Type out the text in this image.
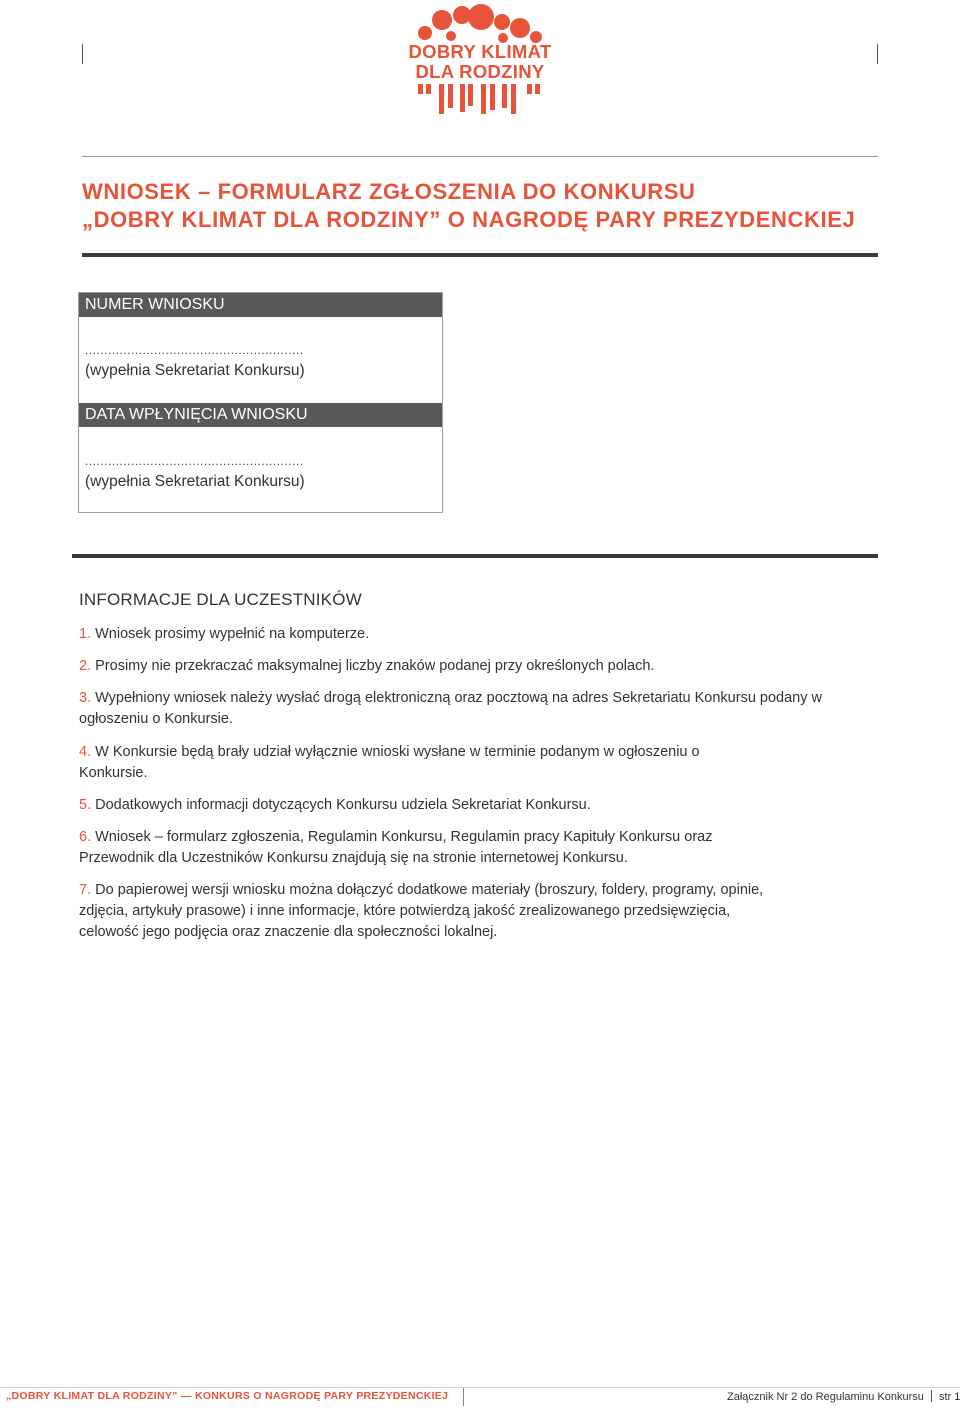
DOBRY KLIMAT
DLA RODZINY
WNIOSEK – FORMULARZ ZGŁOSZENIA DO KONKURSU
„DOBRY KLIMAT DLA RODZINY” O NAGRODĘ PARY PREZYDENCKIEJ
NUMER WNIOSKU
.........................................................
(wypełnia Sekretariat Konkursu)
DATA WPŁYNIĘCIA WNIOSKU
.........................................................
(wypełnia Sekretariat Konkursu)
INFORMACJE DLA UCZESTNIKÓW
1. Wniosek prosimy wypełnić na komputerze.
2. Prosimy nie przekraczać maksymalnej liczby znaków podanej przy określonych polach.
3. Wypełniony wniosek należy wysłać drogą elektroniczną oraz pocztową na adres Sekretariatu Konkursu podany w ogłoszeniu o Konkursie.
4. W Konkursie będą brały udział wyłącznie wnioski wysłane w terminie podanym w ogłoszeniu o Konkursie.
5. Dodatkowych informacji dotyczących Konkursu udziela Sekretariat Konkursu.
6. Wniosek – formularz zgłoszenia, Regulamin Konkursu, Regulamin pracy Kapituły Konkursu oraz Przewodnik dla Uczestników Konkursu znajdują się na stronie internetowej Konkursu.
7. Do papierowej wersji wniosku można dołączyć dodatkowe materiały (broszury, foldery, programy, opinie, zdjęcia, artykuły prasowe) i inne informacje, które potwierdzą jakość zrealizowanego przedsięwzięcia, celowość jego podjęcia oraz znaczenie dla społeczności lokalnej.
„DOBRY KLIMAT DLA RODZINY” — KONKURS O NAGRODĘ PARY PREZYDENCKIEJ	Załącznik Nr 2 do Regulaminu Konkursu str 1
